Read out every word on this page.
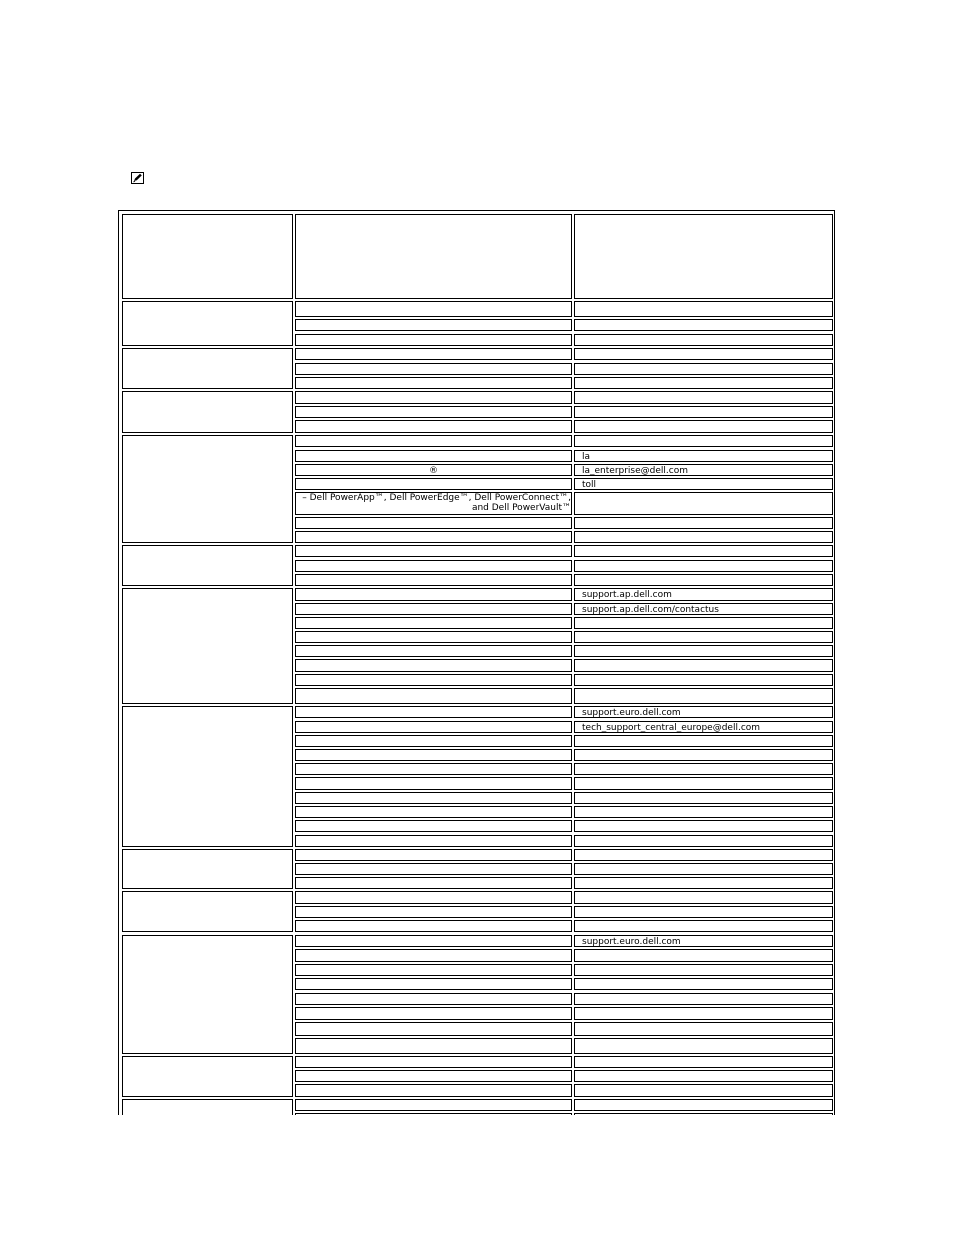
la
®	la_enterprise@dell.com
toll
– Dell PowerApp™, Dell PowerEdge™, Dell PowerConnect™, and Dell PowerVault™
support.ap.dell.com
support.ap.dell.com/contactus
support.euro.dell.com
tech_support_central_europe@dell.com
support.euro.dell.com
